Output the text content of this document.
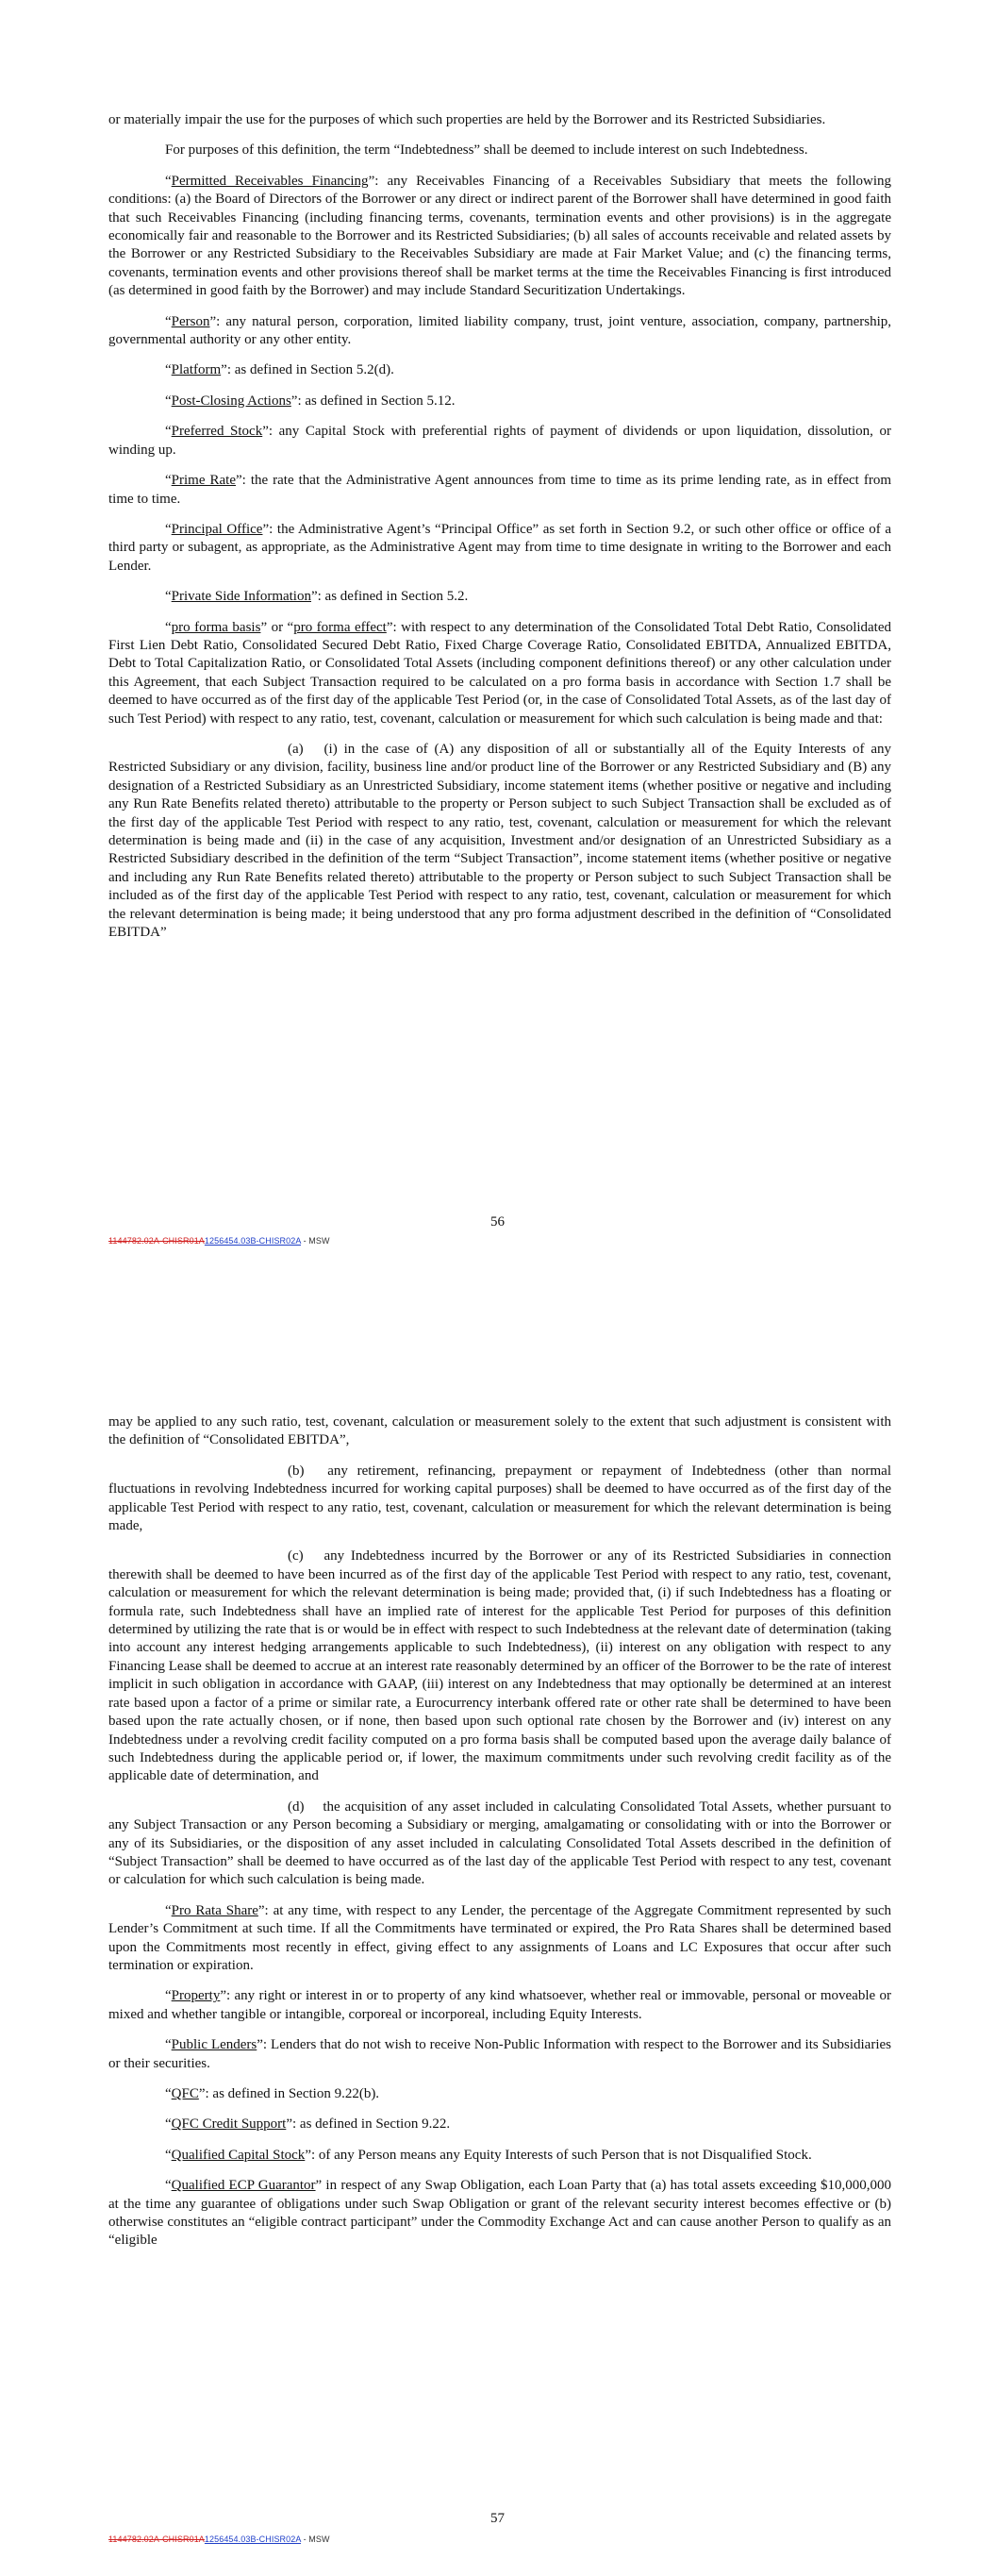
or materially impair the use for the purposes of which such properties are held by the Borrower and its Restricted Subsidiaries.

For purposes of this definition, the term “Indebtedness” shall be deemed to include interest on such Indebtedness.

“Permitted Receivables Financing”: any Receivables Financing of a Receivables Subsidiary that meets the following conditions: (a) the Board of Directors of the Borrower or any direct or indirect parent of the Borrower shall have determined in good faith that such Receivables Financing (including financing terms, covenants, termination events and other provisions) is in the aggregate economically fair and reasonable to the Borrower and its Restricted Subsidiaries; (b) all sales of accounts receivable and related assets by the Borrower or any Restricted Subsidiary to the Receivables Subsidiary are made at Fair Market Value; and (c) the financing terms, covenants, termination events and other provisions thereof shall be market terms at the time the Receivables Financing is first introduced (as determined in good faith by the Borrower) and may include Standard Securitization Undertakings.

“Person”: any natural person, corporation, limited liability company, trust, joint venture, association, company, partnership, governmental authority or any other entity.

“Platform”: as defined in Section 5.2(d).

“Post-Closing Actions”: as defined in Section 5.12.

“Preferred Stock”: any Capital Stock with preferential rights of payment of dividends or upon liquidation, dissolution, or winding up.

“Prime Rate”: the rate that the Administrative Agent announces from time to time as its prime lending rate, as in effect from time to time.

“Principal Office”: the Administrative Agent’s “Principal Office” as set forth in Section 9.2, or such other office or office of a third party or subagent, as appropriate, as the Administrative Agent may from time to time designate in writing to the Borrower and each Lender.

“Private Side Information”: as defined in Section 5.2.

“pro forma basis” or “pro forma effect”: with respect to any determination of the Consolidated Total Debt Ratio, Consolidated First Lien Debt Ratio, Consolidated Secured Debt Ratio, Fixed Charge Coverage Ratio, Consolidated EBITDA, Annualized EBITDA, Debt to Total Capitalization Ratio, or Consolidated Total Assets (including component definitions thereof) or any other calculation under this Agreement, that each Subject Transaction required to be calculated on a pro forma basis in accordance with Section 1.7 shall be deemed to have occurred as of the first day of the applicable Test Period (or, in the case of Consolidated Total Assets, as of the last day of such Test Period) with respect to any ratio, test, covenant, calculation or measurement for which such calculation is being made and that:

(a)  (i) in the case of (A) any disposition of all or substantially all of the Equity Interests of any Restricted Subsidiary or any division, facility, business line and/or product line of the Borrower or any Restricted Subsidiary and (B) any designation of a Restricted Subsidiary as an Unrestricted Subsidiary, income statement items (whether positive or negative and including any Run Rate Benefits related thereto) attributable to the property or Person subject to such Subject Transaction shall be excluded as of the first day of the applicable Test Period with respect to any ratio, test, covenant, calculation or measurement for which the relevant determination is being made and (ii) in the case of any acquisition, Investment and/or designation of an Unrestricted Subsidiary as a Restricted Subsidiary described in the definition of the term “Subject Transaction”, income statement items (whether positive or negative and including any Run Rate Benefits related thereto) attributable to the property or Person subject to such Subject Transaction shall be included as of the first day of the applicable Test Period with respect to any ratio, test, covenant, calculation or measurement for which the relevant determination is being made; it being understood that any pro forma adjustment described in the definition of “Consolidated EBITDA”

56
1144782.02A-CHISR01A1256454.03B-CHISR02A - MSW

may be applied to any such ratio, test, covenant, calculation or measurement solely to the extent that such adjustment is consistent with the definition of “Consolidated EBITDA”,

(b)  any retirement, refinancing, prepayment or repayment of Indebtedness (other than normal fluctuations in revolving Indebtedness incurred for working capital purposes) shall be deemed to have occurred as of the first day of the applicable Test Period with respect to any ratio, test, covenant, calculation or measurement for which the relevant determination is being made,

(c)  any Indebtedness incurred by the Borrower or any of its Restricted Subsidiaries in connection therewith shall be deemed to have been incurred as of the first day of the applicable Test Period with respect to any ratio, test, covenant, calculation or measurement for which the relevant determination is being made; provided that, (i) if such Indebtedness has a floating or formula rate, such Indebtedness shall have an implied rate of interest for the applicable Test Period for purposes of this definition determined by utilizing the rate that is or would be in effect with respect to such Indebtedness at the relevant date of determination (taking into account any interest hedging arrangements applicable to such Indebtedness), (ii) interest on any obligation with respect to any Financing Lease shall be deemed to accrue at an interest rate reasonably determined by an officer of the Borrower to be the rate of interest implicit in such obligation in accordance with GAAP, (iii) interest on any Indebtedness that may optionally be determined at an interest rate based upon a factor of a prime or similar rate, a Eurocurrency interbank offered rate or other rate shall be determined to have been based upon the rate actually chosen, or if none, then based upon such optional rate chosen by the Borrower and (iv) interest on any Indebtedness under a revolving credit facility computed on a pro forma basis shall be computed based upon the average daily balance of such Indebtedness during the applicable period or, if lower, the maximum commitments under such revolving credit facility as of the applicable date of determination, and

(d)  the acquisition of any asset included in calculating Consolidated Total Assets, whether pursuant to any Subject Transaction or any Person becoming a Subsidiary or merging, amalgamating or consolidating with or into the Borrower or any of its Subsidiaries, or the disposition of any asset included in calculating Consolidated Total Assets described in the definition of “Subject Transaction” shall be deemed to have occurred as of the last day of the applicable Test Period with respect to any test, covenant or calculation for which such calculation is being made.

“Pro Rata Share”: at any time, with respect to any Lender, the percentage of the Aggregate Commitment represented by such Lender’s Commitment at such time. If all the Commitments have terminated or expired, the Pro Rata Shares shall be determined based upon the Commitments most recently in effect, giving effect to any assignments of Loans and LC Exposures that occur after such termination or expiration.

“Property”: any right or interest in or to property of any kind whatsoever, whether real or immovable, personal or moveable or mixed and whether tangible or intangible, corporeal or incorporeal, including Equity Interests.

“Public Lenders”: Lenders that do not wish to receive Non-Public Information with respect to the Borrower and its Subsidiaries or their securities.

“QFC”: as defined in Section 9.22(b).

“QFC Credit Support”: as defined in Section 9.22.

“Qualified Capital Stock”: of any Person means any Equity Interests of such Person that is not Disqualified Stock.

“Qualified ECP Guarantor” in respect of any Swap Obligation, each Loan Party that (a) has total assets exceeding $10,000,000 at the time any guarantee of obligations under such Swap Obligation or grant of the relevant security interest becomes effective or (b) otherwise constitutes an “eligible contract participant” under the Commodity Exchange Act and can cause another Person to qualify as an “eligible

57
1144782.02A-CHISR01A1256454.03B-CHISR02A - MSW
